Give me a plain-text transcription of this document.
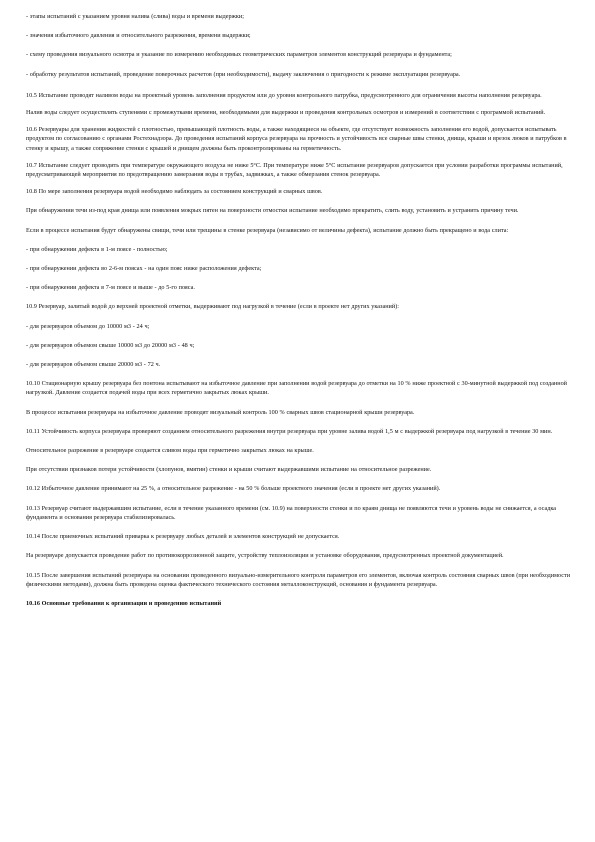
- этапы испытаний с указанием уровня налива (слива) воды и времени выдержки;

- значения избыточного давления и относительного разрежения, времени выдержки;

- схему проведения визуального осмотра и указание по измерению необходимых геометрических параметров элементов конструкций резервуара и фундамента;

- обработку результатов испытаний, проведение поверочных расчетов (при необходимости), выдачу заключения о пригодности к режиме эксплуатации резервуара.

10.5 Испытание проводят наливом воды на проектный уровень заполнения продуктом или до уровня контрольного патрубка, предусмотренного для ограничения высоты наполнения резервуара.

Налив воды следует осуществлять ступенями с промежутками времени, необходимыми для выдержки и проведения контрольных осмотров и измерений в соответствии с программой испытаний.

10.6 Резервуары для хранения жидкостей с плотностью, превышающей плотность воды, а также находящиеся на объекте, где отсутствует возможность заполнения его водой, допускается испытывать продуктом по согласованию с органами Ростехнадзора. До проведения испытаний корпуса резервуара на прочность и устойчивость все сварные швы стенки, днища, крыши и врезок люков и патрубков в стенку и крышу, а также сопряжение стенки с крышей и днищем должны быть проконтролированы на герметичность.

10.7 Испытание следует проводить при температуре окружающего воздуха не ниже 5°С. При температуре ниже 5°С испытание резервуаров допускается при условии разработки программы испытаний, предусматривающей мероприятия по предотвращению замерзания воды в трубах, задвижках, а также обмерзания стенок резервуара.

10.8 По мере заполнения резервуара водой необходимо наблюдать за состоянием конструкций и сварных швов.

При обнаружении течи из-под края днища или появления мокрых пятен на поверхности отмостки испытание необходимо прекратить, слить воду, установить и устранить причину течи.

Если в процессе испытания будут обнаружены свищи, течи или трещины в стенке резервуара (независимо от величины дефекта), испытание должно быть прекращено и вода слита:

- при обнаружении дефекта в 1-м поясе - полностью;

- при обнаружении дефекта во 2-6-м поясах - на один пояс ниже расположения дефекта;

- при обнаружении дефекта в 7-м поясе и выше - до 5-го пояса.

10.9 Резервуар, залитый водой до верхней проектной отметки, выдерживают под нагрузкой в течение (если в проекте нет других указаний):

- для резервуаров объемом до 10000 м3 - 24 ч;

- для резервуаров объемом свыше 10000 м3 до 20000 м3 - 48 ч;

- для резервуаров объемом свыше 20000 м3 - 72 ч.

10.10 Стационарную крышу резервуара без понтона испытывают на избыточное давление при заполнении водой резервуара до отметки на 10 % ниже проектной с 30-минутной выдержкой под созданной нагрузкой. Давление создается подачей воды при всех герметично закрытых люках крыши.

В процессе испытания резервуара на избыточное давление проводят визуальный контроль 100 % сварных швов стационарной крыши резервуара.

10.11 Устойчивость корпуса резервуара проверяют созданием относительного разрежения внутри резервуара при уровне залива водой 1,5 м с выдержкой резервуара под нагрузкой в течение 30 мин.

Относительное разрежение в резервуаре создается сливом воды при герметично закрытых люках на крыше.

При отсутствии признаков потери устойчивости (хлопунов, вмятин) стенки и крыши считают выдержавшими испытание на относительное разрежение.

10.12 Избыточное давление принимают на 25 %, а относительное разрежение - на 50 % больше проектного значения (если в проекте нет других указаний).

10.13 Резервуар считают выдержавшим испытание, если в течение указанного времени (см. 10.9) на поверхности стенки и по краям днища не появляются течи и уровень воды не снижается, а осадка фундамента и основания резервуара стабилизировалась.

10.14 После приемочных испытаний приварка к резервуару любых деталей и элементов конструкций не допускается.

На резервуаре допускается проведение работ по противокоррозионной защите, устройству теплоизоляции и установке оборудования, предусмотренных проектной документацией.

10.15 После завершения испытаний резервуара на основании проведенного визуально-измерительного контроля параметров его элементов, включая контроль состояния сварных швов (при необходимости физическими методами), должна быть проведена оценка фактического технического состояния металлоконструкций, основания и фундамента резервуара.

10.16 Основные требования к организации и проведению испытаний
